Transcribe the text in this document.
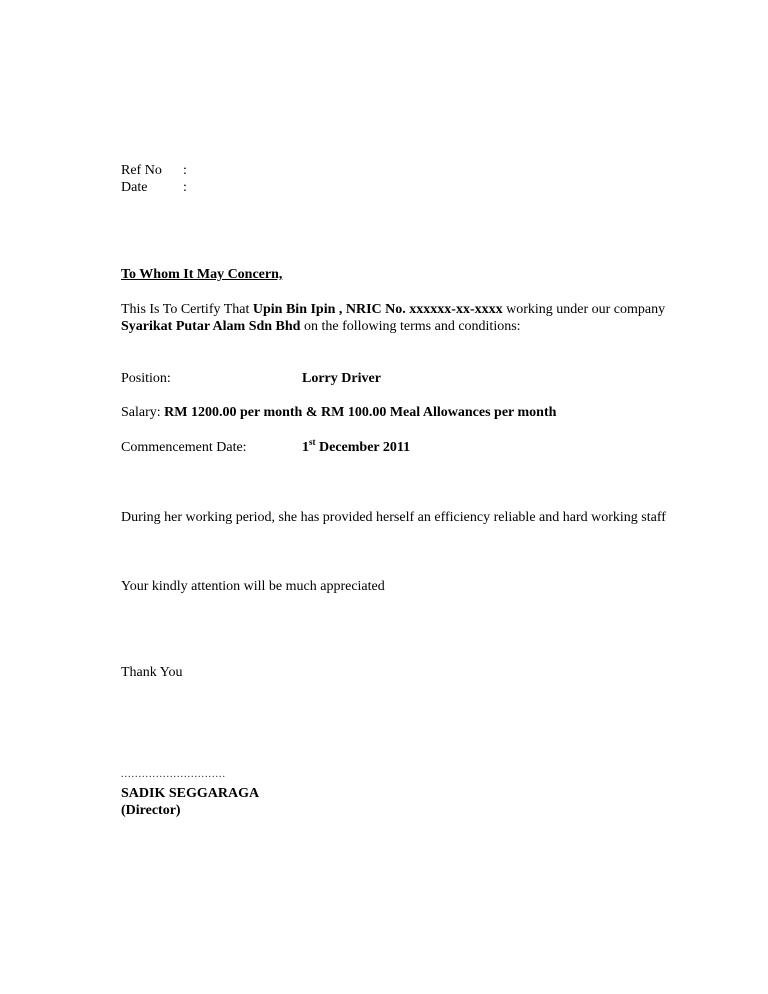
Ref No :
Date	:

To Whom It May Concern,

This Is To Certify That Upin Bin Ipin , NRIC No. xxxxxx-xx-xxxx working under our company Syarikat Putar Alam Sdn Bhd on the following terms and conditions:

Position:	Lorry Driver

Salary: RM 1200.00 per month & RM 100.00 Meal Allowances per month

Commencement Date:	1st December 2011

During her working period, she has provided herself an efficiency reliable and hard working staff

Your kindly attention will be much appreciated

Thank You

..............................
SADIK SEGGARAGA
(Director)
